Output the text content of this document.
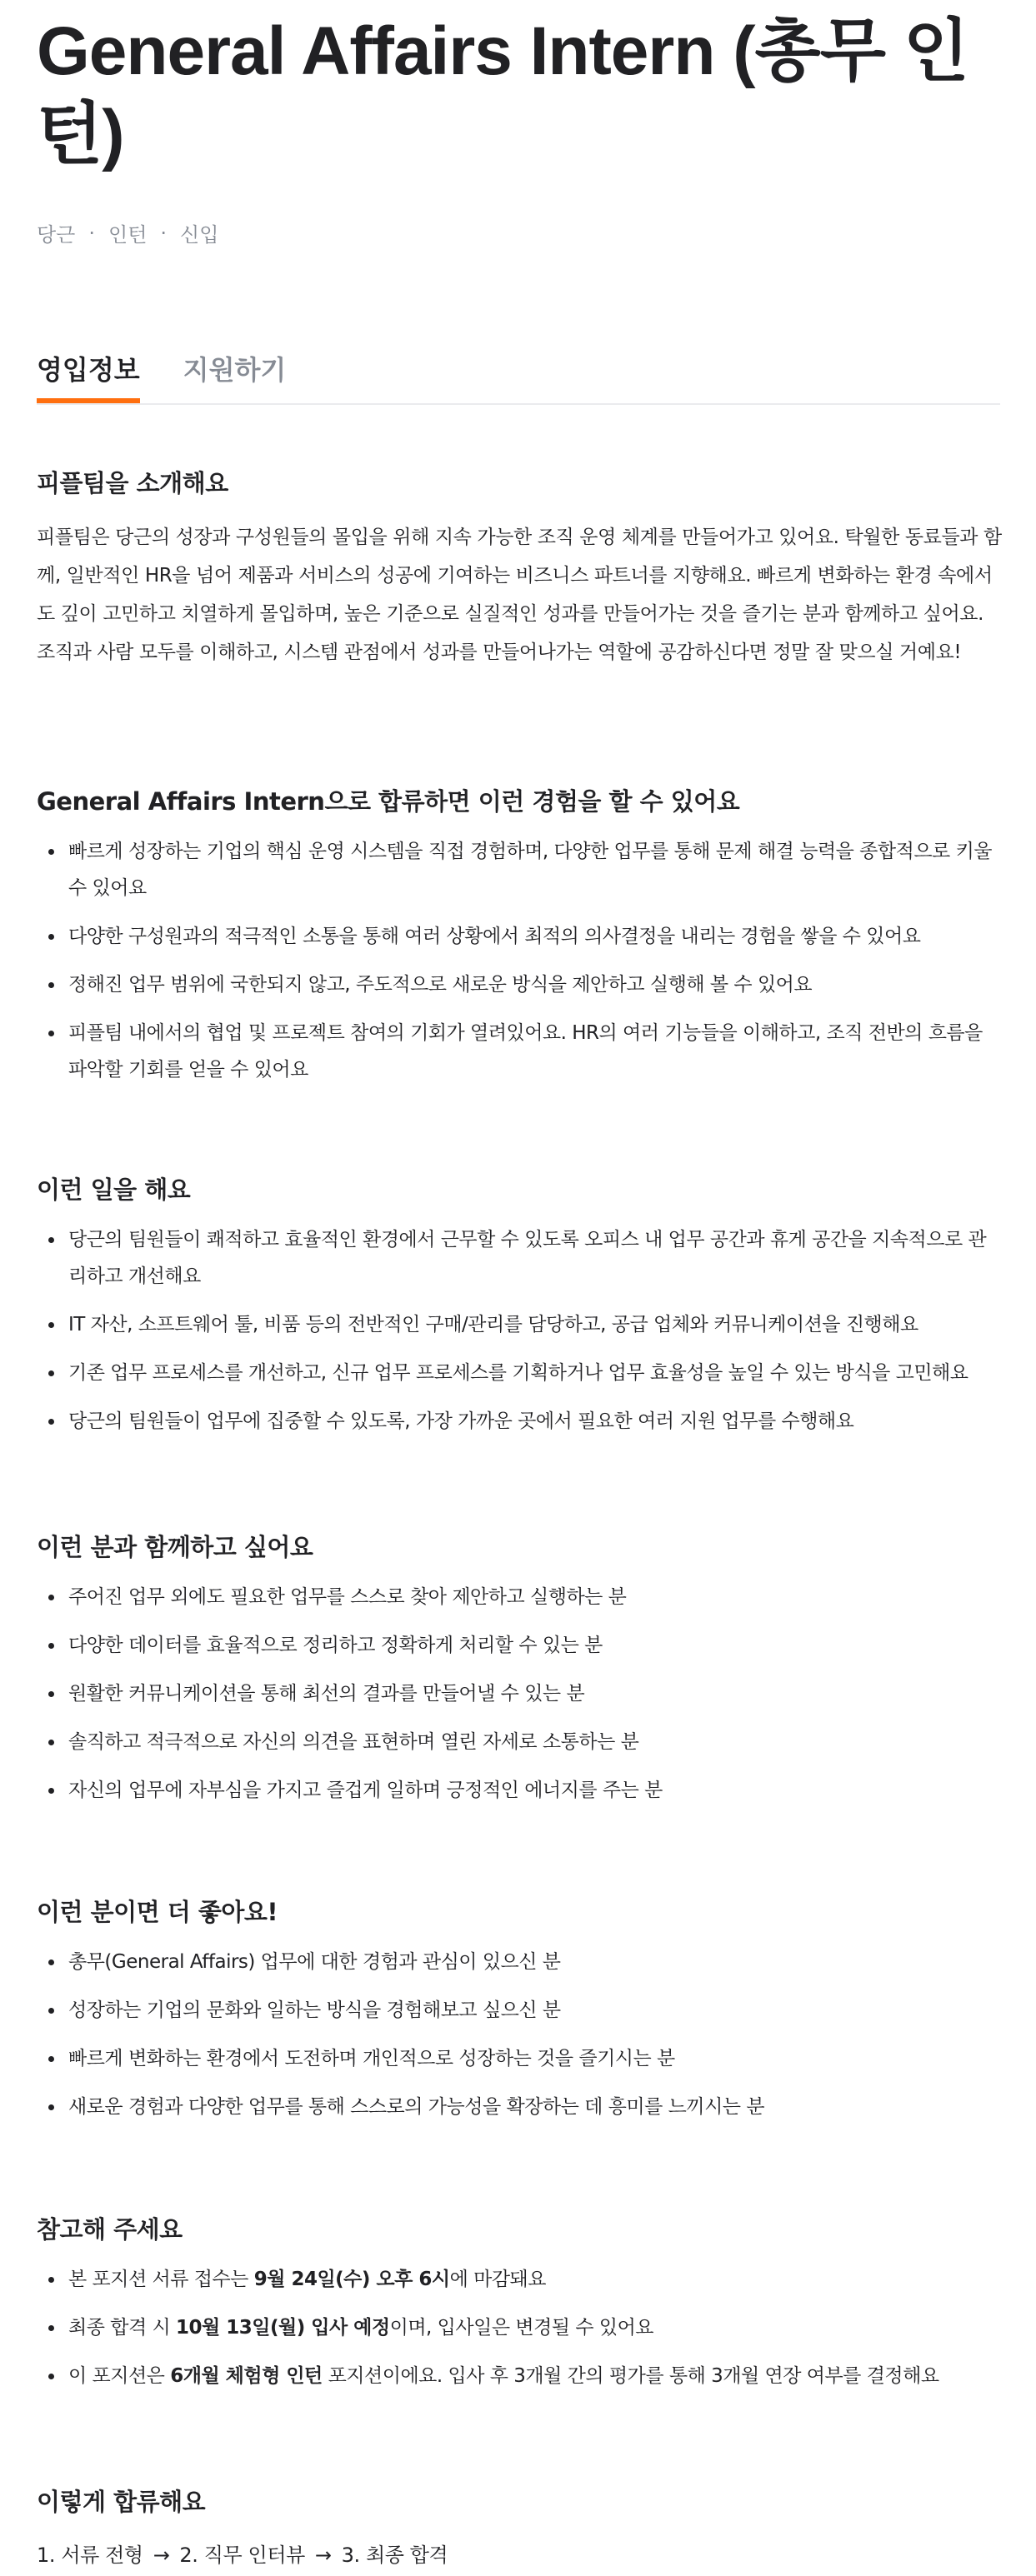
General Affairs Intern (총무 인턴)
당근 · 인턴 · 신입
영입정보 지원하기
피플팀을 소개해요

피플팀은 당근의 성장과 구성원들의 몰입을 위해 지속 가능한 조직 운영 체계를 만들어가고 있어요. 탁월한 동료들과 함께, 일반적인 HR을 넘어 제품과 서비스의 성공에 기여하는 비즈니스 파트너를 지향해요. 빠르게 변화하는 환경 속에서도 깊이 고민하고 치열하게 몰입하며, 높은 기준으로 실질적인 성과를 만들어가는 것을 즐기는 분과 함께하고 싶어요. 조직과 사람 모두를 이해하고, 시스템 관점에서 성과를 만들어나가는 역할에 공감하신다면 정말 잘 맞으실 거예요!

General Affairs Intern으로 합류하면 이런 경험을 할 수 있어요
빠르게 성장하는 기업의 핵심 운영 시스템을 직접 경험하며, 다양한 업무를 통해 문제 해결 능력을 종합적으로 키울 수 있어요
다양한 구성원과의 적극적인 소통을 통해 여러 상황에서 최적의 의사결정을 내리는 경험을 쌓을 수 있어요
정해진 업무 범위에 국한되지 않고, 주도적으로 새로운 방식을 제안하고 실행해 볼 수 있어요
피플팀 내에서의 협업 및 프로젝트 참여의 기회가 열려있어요. HR의 여러 기능들을 이해하고, 조직 전반의 흐름을 파악할 기회를 얻을 수 있어요
이런 일을 해요
당근의 팀원들이 쾌적하고 효율적인 환경에서 근무할 수 있도록 오피스 내 업무 공간과 휴게 공간을 지속적으로 관리하고 개선해요
IT 자산, 소프트웨어 툴, 비품 등의 전반적인 구매/관리를 담당하고, 공급 업체와 커뮤니케이션을 진행해요
기존 업무 프로세스를 개선하고, 신규 업무 프로세스를 기획하거나 업무 효율성을 높일 수 있는 방식을 고민해요
당근의 팀원들이 업무에 집중할 수 있도록, 가장 가까운 곳에서 필요한 여러 지원 업무를 수행해요
이런 분과 함께하고 싶어요
주어진 업무 외에도 필요한 업무를 스스로 찾아 제안하고 실행하는 분
다양한 데이터를 효율적으로 정리하고 정확하게 처리할 수 있는 분
원활한 커뮤니케이션을 통해 최선의 결과를 만들어낼 수 있는 분
솔직하고 적극적으로 자신의 의견을 표현하며 열린 자세로 소통하는 분
자신의 업무에 자부심을 가지고 즐겁게 일하며 긍정적인 에너지를 주는 분
이런 분이면 더 좋아요!
총무(General Affairs) 업무에 대한 경험과 관심이 있으신 분
성장하는 기업의 문화와 일하는 방식을 경험해보고 싶으신 분
빠르게 변화하는 환경에서 도전하며 개인적으로 성장하는 것을 즐기시는 분
새로운 경험과 다양한 업무를 통해 스스로의 가능성을 확장하는 데 흥미를 느끼시는 분
참고해 주세요
본 포지션 서류 접수는 9월 24일(수) 오후 6시에 마감돼요
최종 합격 시 10월 13일(월) 입사 예정이며, 입사일은 변경될 수 있어요
이 포지션은 6개월 체험형 인턴 포지션이에요. 입사 후 3개월 간의 평가를 통해 3개월 연장 여부를 결정해요
이렇게 합류해요
1. 서류 전형 → 2. 직무 인터뷰 → 3. 최종 합격
